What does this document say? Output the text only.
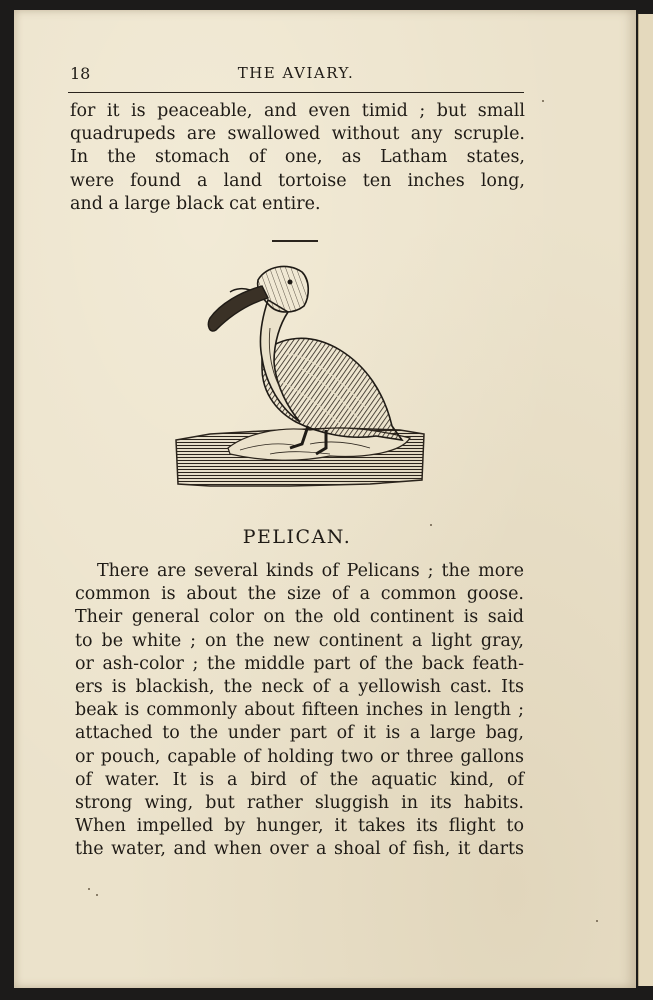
18	THE AVIARY.
for it is peaceable, and even timid ; but small
quadrupeds are swallowed without any scruple.
In the stomach of one, as Latham states,
were found a land tortoise ten inches long,
and a large black cat entire.
PELICAN.
There are several kinds of Pelicans ; the more
common is about the size of a common goose.
Their general color on the old continent is said
to be white ; on the new continent a light gray,
or ash-color ; the middle part of the back feath-
ers is blackish, the neck of a yellowish cast. Its
beak is commonly about fifteen inches in length ;
attached to the under part of it is a large bag,
or pouch, capable of holding two or three gallons
of water. It is a bird of the aquatic kind, of
strong wing, but rather sluggish in its habits.
When impelled by hunger, it takes its flight to
the water, and when over a shoal of fish, it darts
